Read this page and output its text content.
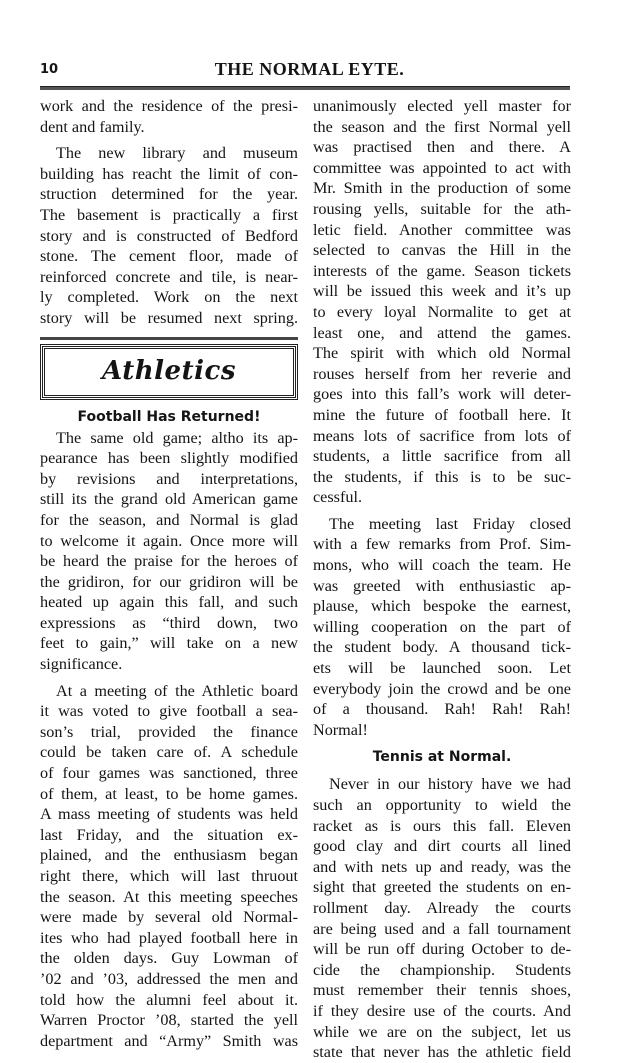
10	THE NORMAL EYTE.
work and the residence of the presi-
dent and family.
The new library and museum
building has reacht the limit of con-
struction determined for the year.
The basement is practically a first
story and is constructed of Bedford
stone. The cement floor, made of
reinforced concrete and tile, is near-
ly completed. Work on the next
story will be resumed next spring.
Athletics
Football Has Returned!
The same old game; altho its ap-
pearance has been slightly modified
by revisions and interpretations,
still its the grand old American game
for the season, and Normal is glad
to welcome it again. Once more will
be heard the praise for the heroes of
the gridiron, for our gridiron will be
heated up again this fall, and such
expressions as “third down, two
feet to gain,” will take on a new
significance.
At a meeting of the Athletic board
it was voted to give football a sea-
son’s trial, provided the finance
could be taken care of. A schedule
of four games was sanctioned, three
of them, at least, to be home games.
A mass meeting of students was held
last Friday, and the situation ex-
plained, and the enthusiasm began
right there, which will last thruout
the season. At this meeting speeches
were made by several old Normal-
ites who had played football here in
the olden days. Guy Lowman of
’02 and ’03, addressed the men and
told how the alumni feel about it.
Warren Proctor ’08, started the yell
department and “Army” Smith was
unanimously elected yell master for
the season and the first Normal yell
was practised then and there. A
committee was appointed to act with
Mr. Smith in the production of some
rousing yells, suitable for the ath-
letic field. Another committee was
selected to canvas the Hill in the
interests of the game. Season tickets
will be issued this week and it’s up
to every loyal Normalite to get at
least one, and attend the games.
The spirit with which old Normal
rouses herself from her reverie and
goes into this fall’s work will deter-
mine the future of football here. It
means lots of sacrifice from lots of
students, a little sacrifice from all
the students, if this is to be suc-
cessful.
The meeting last Friday closed
with a few remarks from Prof. Sim-
mons, who will coach the team. He
was greeted with enthusiastic ap-
plause, which bespoke the earnest,
willing cooperation on the part of
the student body. A thousand tick-
ets will be launched soon. Let
everybody join the crowd and be one
of a thousand. Rah! Rah! Rah!
Normal!
Tennis at Normal.
Never in our history have we had
such an opportunity to wield the
racket as is ours this fall. Eleven
good clay and dirt courts all lined
and with nets up and ready, was the
sight that greeted the students on en-
rollment day. Already the courts
are being used and a fall tournament
will be run off during October to de-
cide the championship. Students
must remember their tennis shoes,
if they desire use of the courts. And
while we are on the subject, let us
state that never has the athletic field
